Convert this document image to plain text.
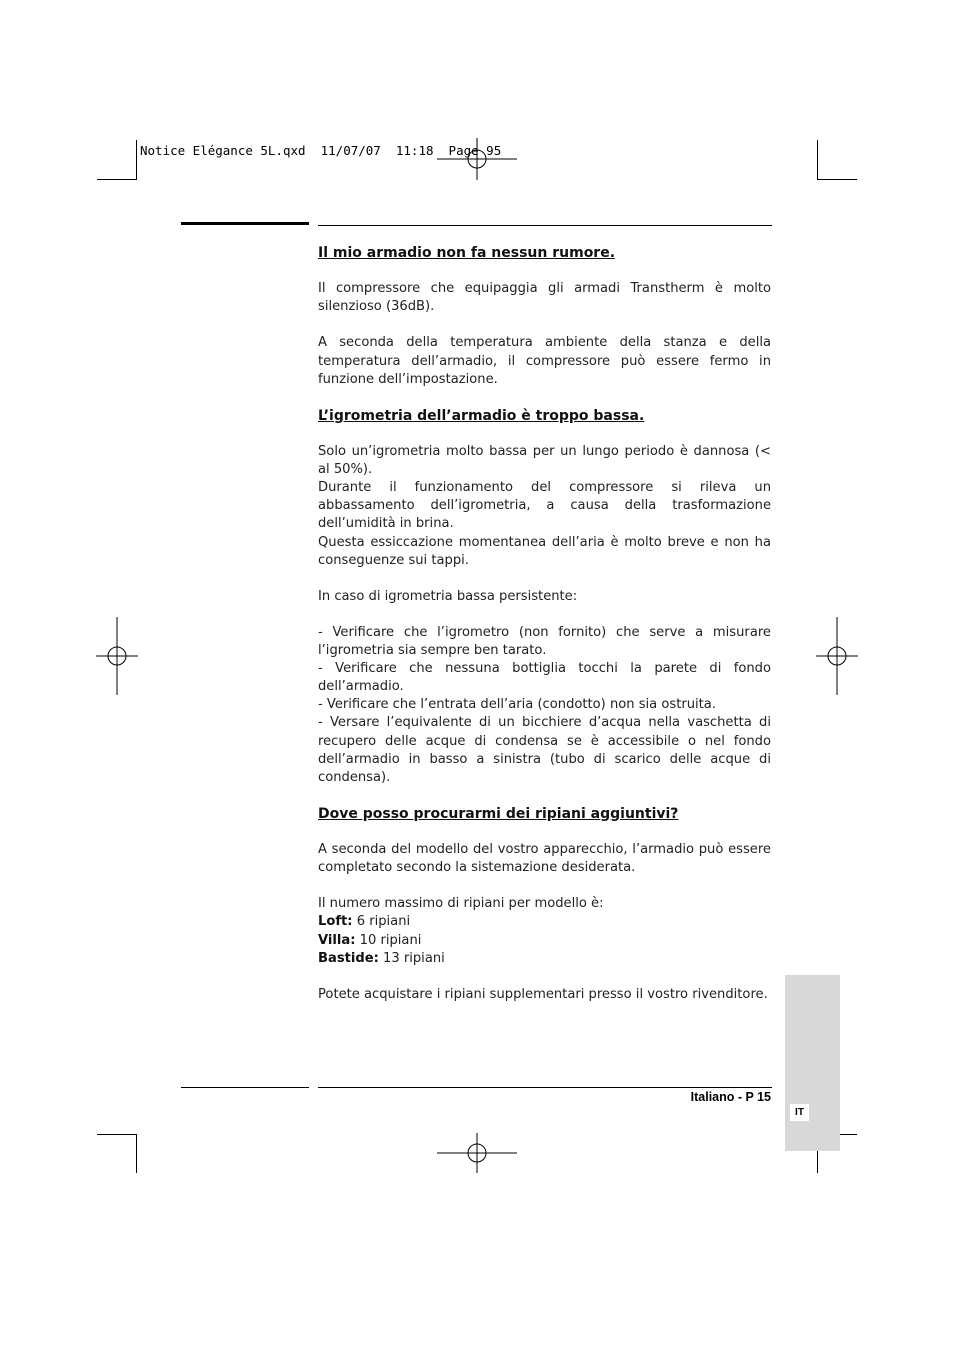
Notice Elégance 5L.qxd  11/07/07  11:18  Page 95
Il mio armadio non fa nessun rumore.

Il compressore che equipaggia gli armadi Transtherm è molto silenzioso (36dB).

A seconda della temperatura ambiente della stanza e della temperatura dell’armadio, il compressore può essere fermo in funzione dell’impostazione.

L’igrometria dell’armadio è troppo bassa.

Solo un’igrometria molto bassa per un lungo periodo è dannosa (< al 50%).

Durante il funzionamento del compressore si rileva un abbassamento dell’igrometria, a causa della trasformazione dell’umidità in brina.

Questa essiccazione momentanea dell’aria è molto breve e non ha conseguenze sui tappi.

In caso di igrometria bassa persistente:

- Verificare che l’igrometro (non fornito) che serve a misurare l’igrometria sia sempre ben tarato.

- Verificare che nessuna bottiglia tocchi la parete di fondo dell’armadio.

- Verificare che l’entrata dell’aria (condotto) non sia ostruita.

- Versare l’equivalente di un bicchiere d’acqua nella vaschetta di recupero delle acque di condensa se è accessibile o nel fondo dell’armadio in basso a sinistra (tubo di scarico delle acque di condensa).

Dove posso procurarmi dei ripiani aggiuntivi?

A seconda del modello del vostro apparecchio, l’armadio può essere completato secondo la sistemazione desiderata.

Il numero massimo di ripiani per modello è:

Loft: 6 ripiani

Villa: 10 ripiani

Bastide: 13 ripiani

Potete acquistare i ripiani supplementari presso il vostro rivenditore.

Italiano - P 15
IT
